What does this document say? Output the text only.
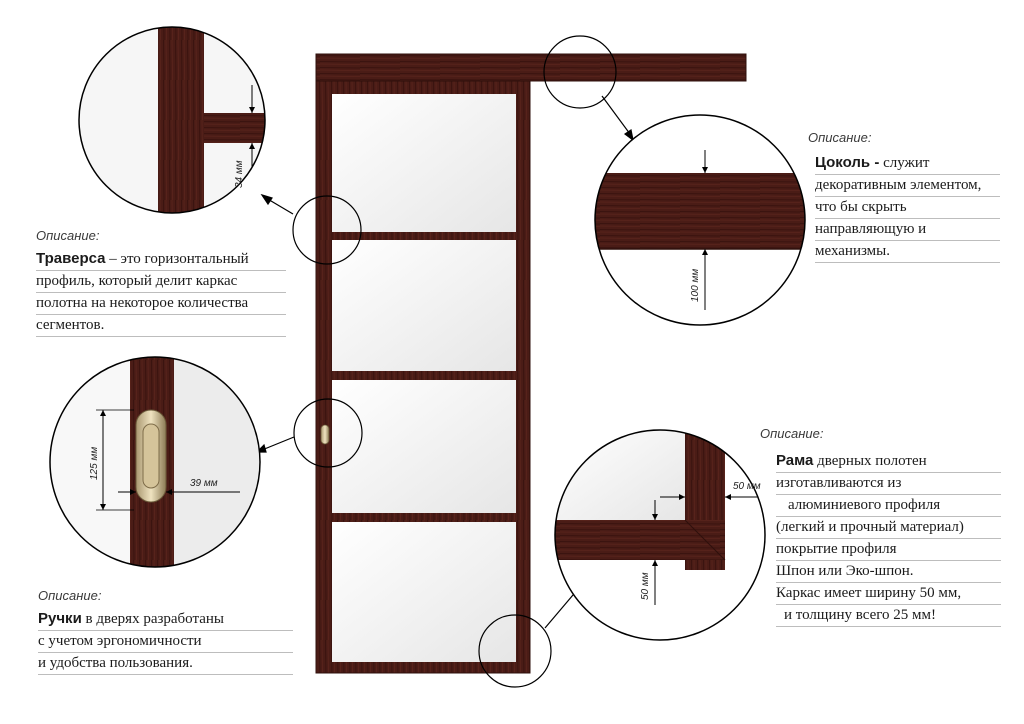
34 мм
100 мм
125 мм
39 мм	50 мм
50 мм
Описание:
Траверса – это горизонтальный
профиль, который делит каркас
полотна на некоторое количества
сегментов.
Описание:
Цоколь - служит
декоративным элементом,
что бы скрыть
направляющую и
механизмы.
Описание:
Ручки в дверях разработаны
с учетом эргономичности
и удобства пользования.
Описание:
Рама дверных полотен
изготавливаются из
алюминиевого профиля
(легкий и прочный материал)
покрытие профиля
Шпон или Эко-шпон.
Каркас имеет ширину 50 мм,
и толщину всего 25 мм!
